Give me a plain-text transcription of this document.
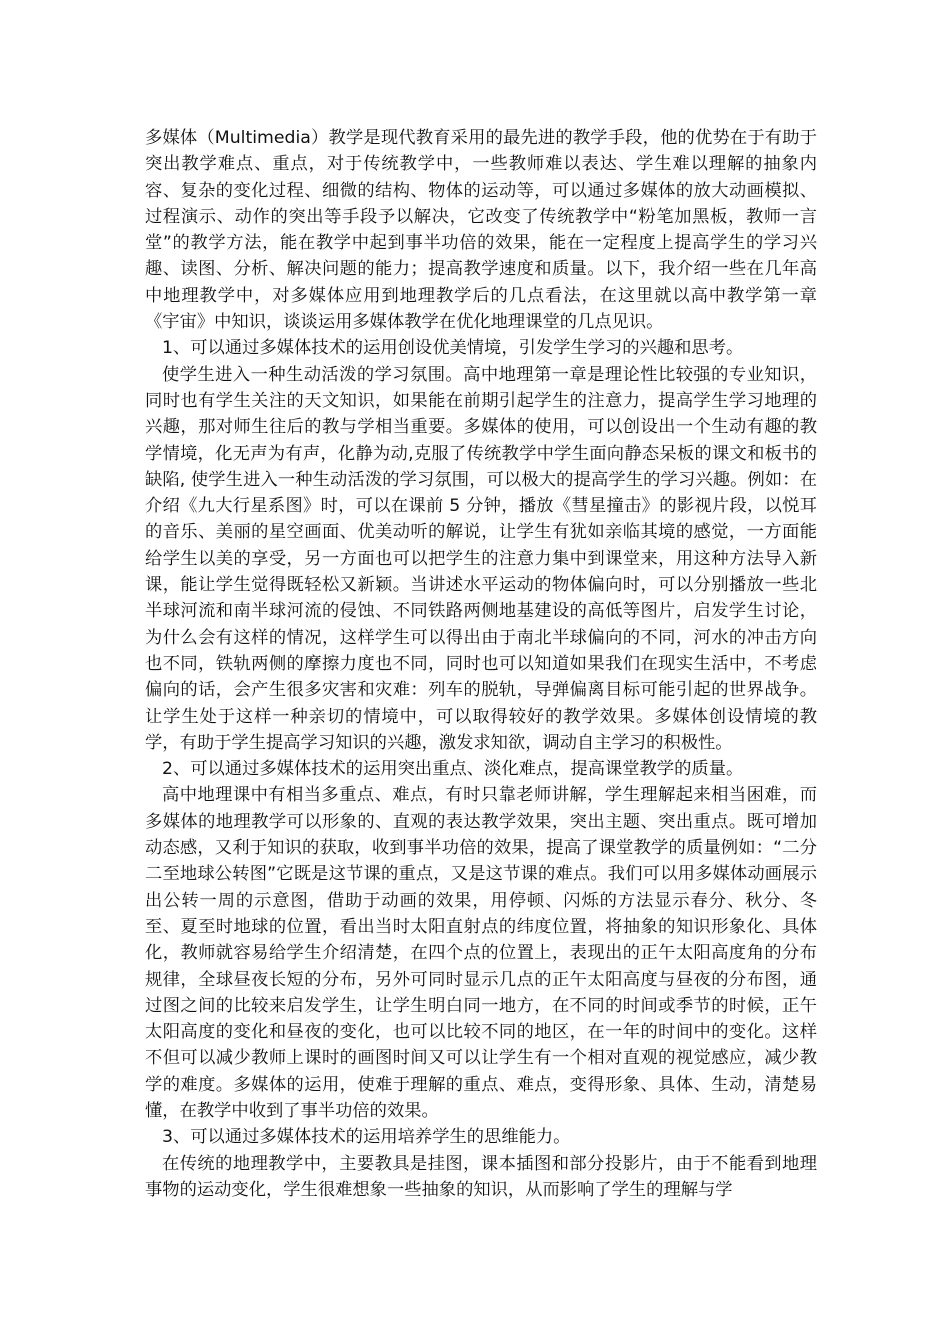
多媒体（Multimedia）教学是现代教育采用的最先进的教学手段，他的优势在于有助于突出教学难点、重点，对于传统教学中，一些教师难以表达、学生难以理解的抽象内容、复杂的变化过程、细微的结构、物体的运动等，可以通过多媒体的放大动画模拟、过程演示、动作的突出等手段予以解决，它改变了传统教学中“粉笔加黑板，教师一言堂”的教学方法，能在教学中起到事半功倍的效果，能在一定程度上提高学生的学习兴趣、读图、分析、解决问题的能力；提高教学速度和质量。以下，我介绍一些在几年高中地理教学中，对多媒体应用到地理教学后的几点看法，在这里就以高中教学第一章《宇宙》中知识，谈谈运用多媒体教学在优化地理课堂的几点见识。

1、可以通过多媒体技术的运用创设优美情境，引发学生学习的兴趣和思考。

使学生进入一种生动活泼的学习氛围。高中地理第一章是理论性比较强的专业知识，同时也有学生关注的天文知识，如果能在前期引起学生的注意力，提高学生学习地理的兴趣，那对师生往后的教与学相当重要。多媒体的使用，可以创设出一个生动有趣的教学情境，化无声为有声，化静为动,克服了传统教学中学生面向静态呆板的课文和板书的缺陷, 使学生进入一种生动活泼的学习氛围，可以极大的提高学生的学习兴趣。例如：在介绍《九大行星系图》时，可以在课前 5 分钟，播放《彗星撞击》的影视片段，以悦耳的音乐、美丽的星空画面、优美动听的解说，让学生有犹如亲临其境的感觉，一方面能给学生以美的享受，另一方面也可以把学生的注意力集中到课堂来，用这种方法导入新课，能让学生觉得既轻松又新颖。当讲述水平运动的物体偏向时，可以分别播放一些北半球河流和南半球河流的侵蚀、不同铁路两侧地基建设的高低等图片，启发学生讨论，为什么会有这样的情况，这样学生可以得出由于南北半球偏向的不同，河水的冲击方向也不同，铁轨两侧的摩擦力度也不同，同时也可以知道如果我们在现实生活中，不考虑偏向的话，会产生很多灾害和灾难：列车的脱轨，导弹偏离目标可能引起的世界战争。让学生处于这样一种亲切的情境中，可以取得较好的教学效果。多媒体创设情境的教学，有助于学生提高学习知识的兴趣，激发求知欲，调动自主学习的积极性。

2、可以通过多媒体技术的运用突出重点、淡化难点，提高课堂教学的质量。

高中地理课中有相当多重点、难点，有时只靠老师讲解，学生理解起来相当困难，而多媒体的地理教学可以形象的、直观的表达教学效果，突出主题、突出重点。既可增加动态感，又利于知识的获取，收到事半功倍的效果，提高了课堂教学的质量例如：“二分二至地球公转图”它既是这节课的重点，又是这节课的难点。我们可以用多媒体动画展示出公转一周的示意图，借助于动画的效果，用停顿、闪烁的方法显示春分、秋分、冬至、夏至时地球的位置，看出当时太阳直射点的纬度位置，将抽象的知识形象化、具体化，教师就容易给学生介绍清楚，在四个点的位置上，表现出的正午太阳高度角的分布规律，全球昼夜长短的分布，另外可同时显示几点的正午太阳高度与昼夜的分布图，通过图之间的比较来启发学生，让学生明白同一地方，在不同的时间或季节的时候，正午太阳高度的变化和昼夜的变化，也可以比较不同的地区，在一年的时间中的变化。这样不但可以减少教师上课时的画图时间又可以让学生有一个相对直观的视觉感应，减少教学的难度。多媒体的运用，使难于理解的重点、难点，变得形象、具体、生动，清楚易懂，在教学中收到了事半功倍的效果。

3、可以通过多媒体技术的运用培养学生的思维能力。

在传统的地理教学中，主要教具是挂图，课本插图和部分投影片，由于不能看到地理事物的运动变化，学生很难想象一些抽象的知识，从而影响了学生的理解与学
